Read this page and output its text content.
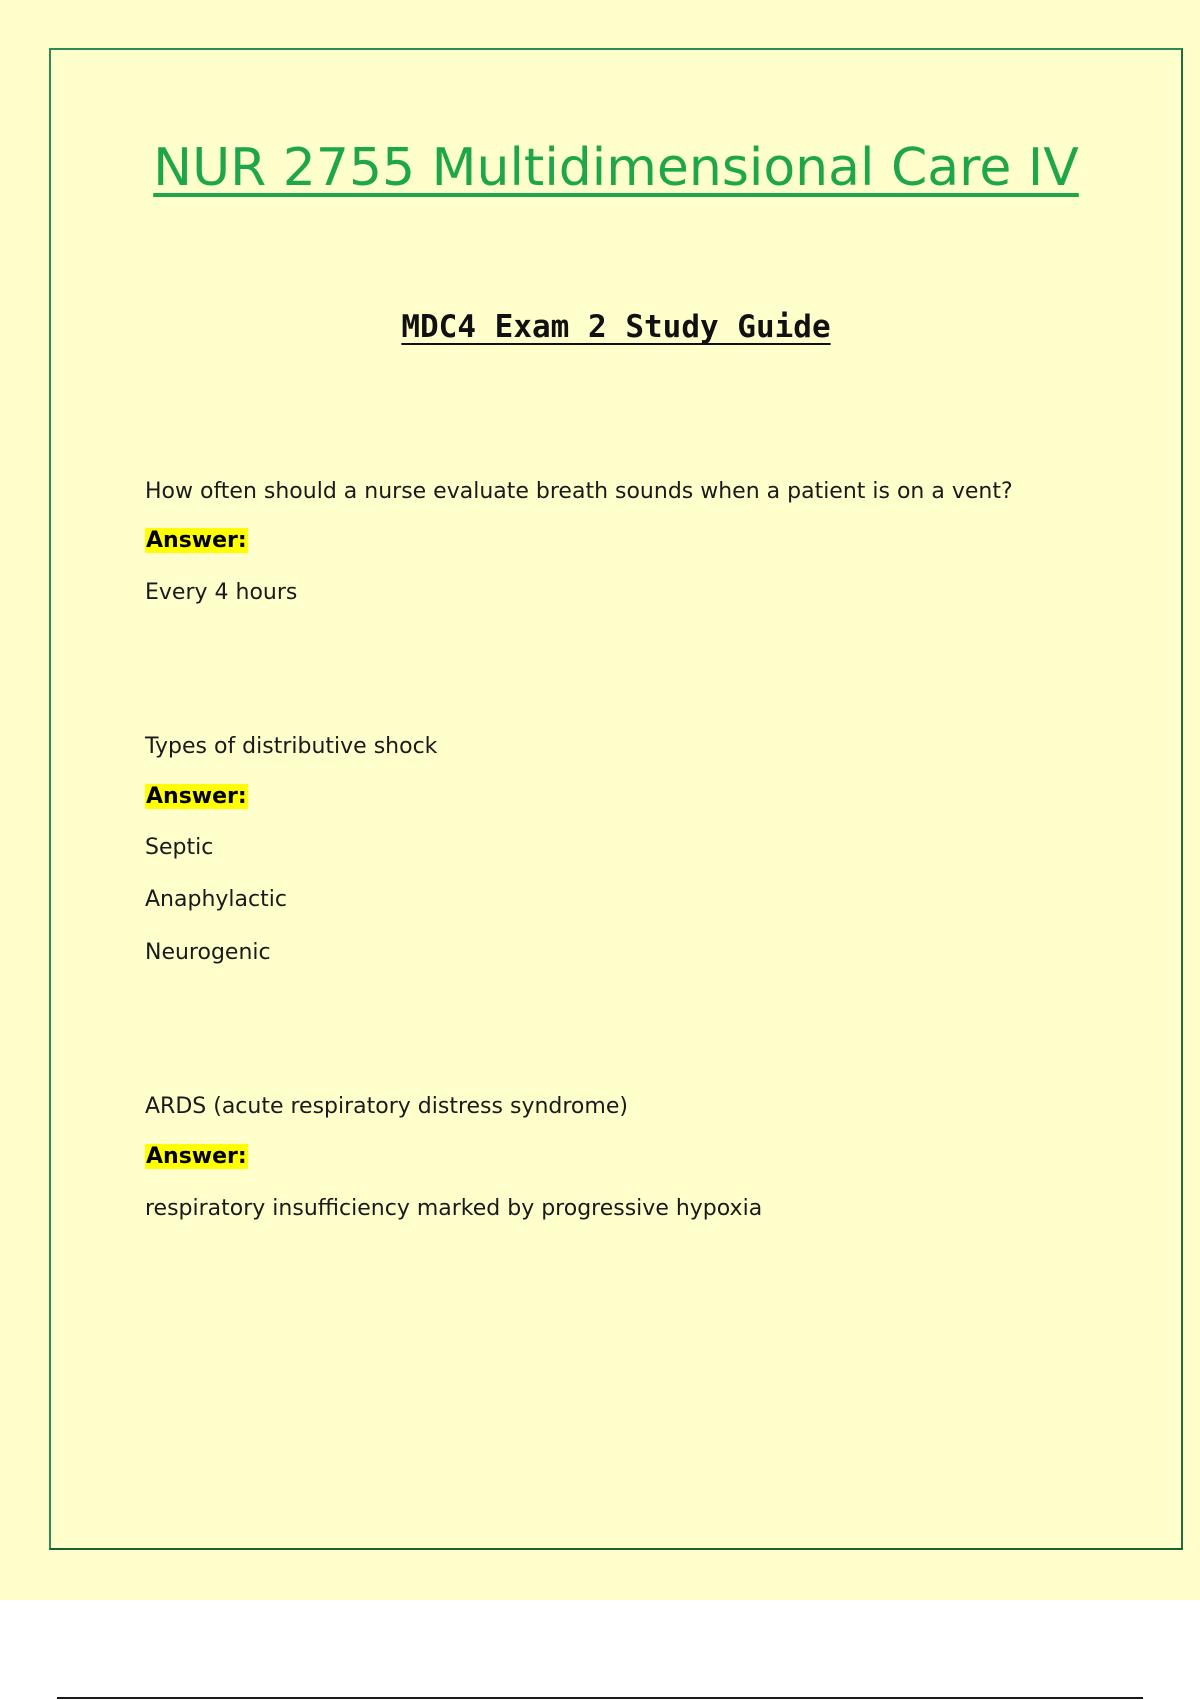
NUR 2755 Multidimensional Care IV
MDC4 Exam 2 Study Guide
How often should a nurse evaluate breath sounds when a patient is on a vent?
Answer:
Every 4 hours
Types of distributive shock
Answer:
Septic
Anaphylactic
Neurogenic
ARDS (acute respiratory distress syndrome)
Answer:
respiratory insufficiency marked by progressive hypoxia
